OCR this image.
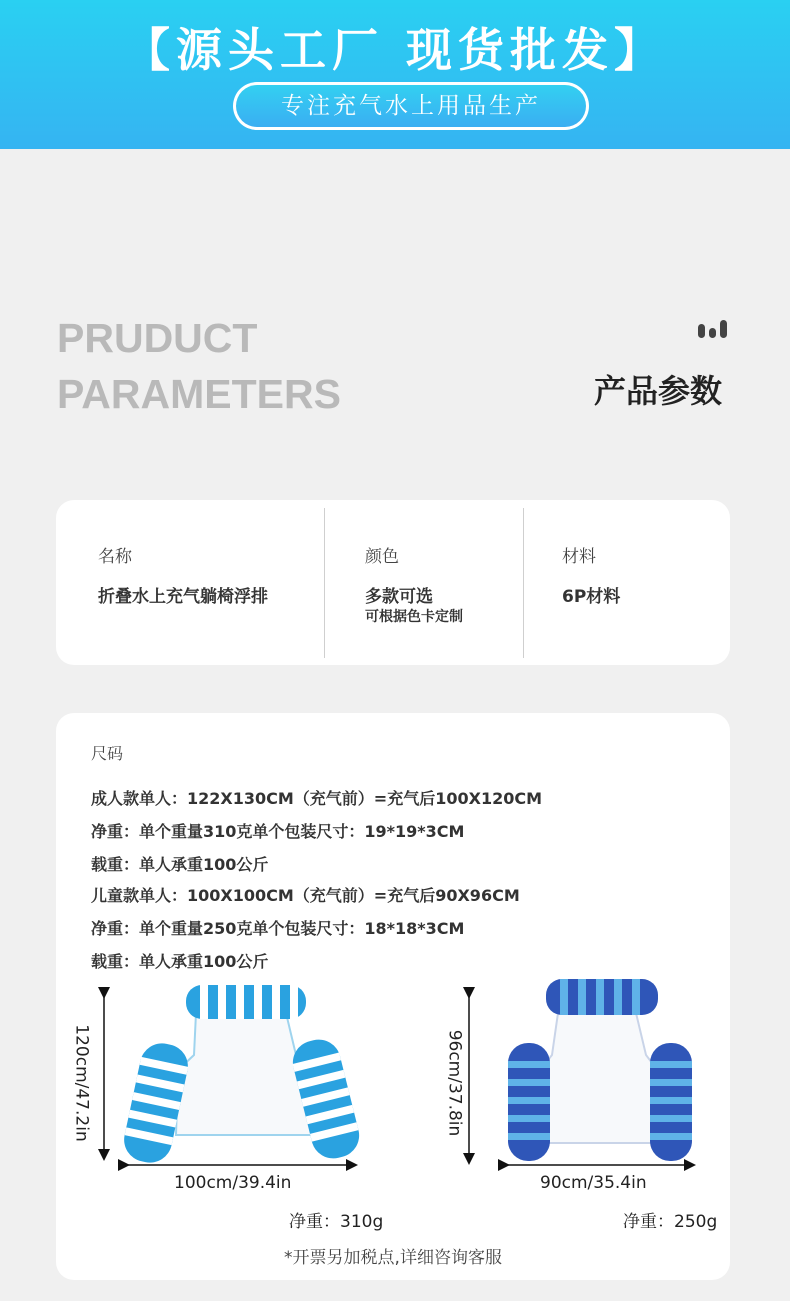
【源头工厂 现货批发】
专注充气水上用品生产
PRUDUCT
PARAMETERS	产品参数
名称
折叠水上充气躺椅浮排
颜色
多款可选
可根据色卡定制
材料
6P材料
尺码
成人款单人：122X130CM（充气前）=充气后100X120CM
净重：单个重量310克单个包装尺寸：19*19*3CM
载重：单人承重100公斤
儿童款单人：100X100CM（充气前）=充气后90X96CM
净重：单个重量250克单个包装尺寸：18*18*3CM
载重：单人承重100公斤
120cm/47.2in
100cm/39.4in
净重：310g
96cm/37.8in
90cm/35.4in
净重：250g
*开票另加税点,详细咨询客服
